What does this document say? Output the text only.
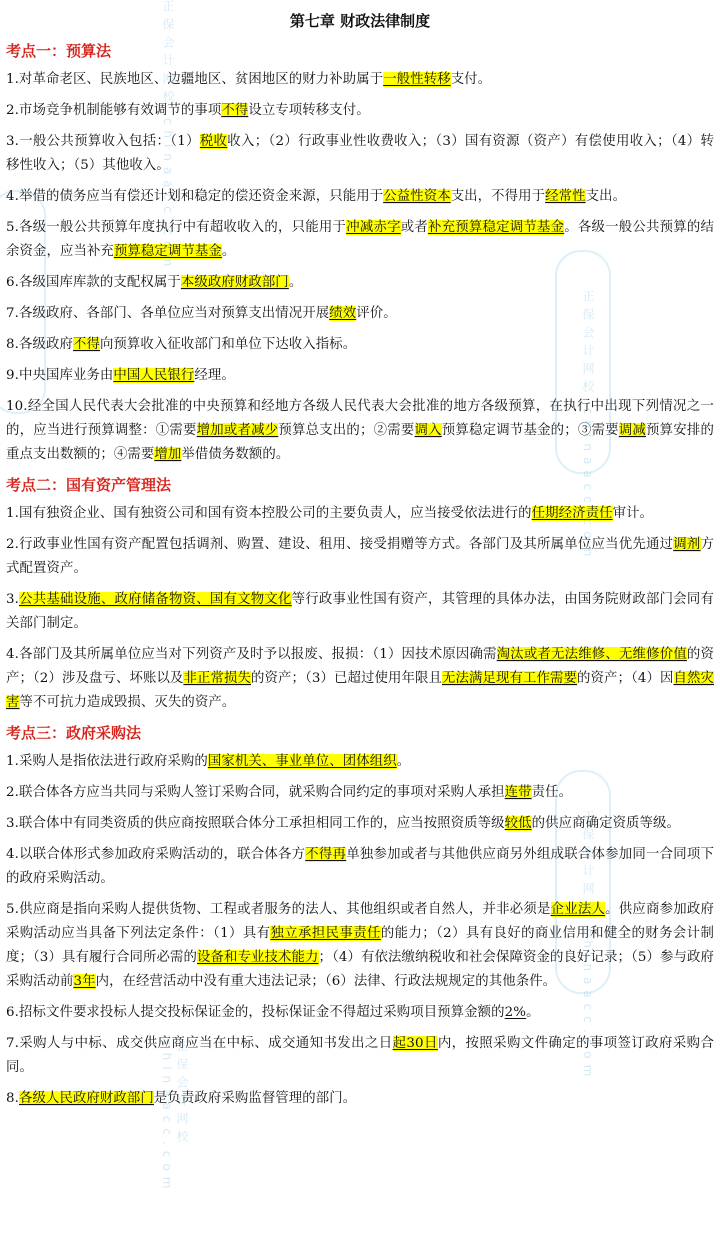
正保会计网校 chinaacc.com
正保会计网校 chinaacc.com
正保会计网校 chinaacc.com
正保会计网校 chinaacc.com
第七章 财政法律制度
考点一：预算法
1.对革命老区、民族地区、边疆地区、贫困地区的财力补助属于一般性转移支付。
2.市场竞争机制能够有效调节的事项不得设立专项转移支付。
3.一般公共预算收入包括：（1）税收收入；（2）行政事业性收费收入；（3）国有资源（资产）有偿使用收入；（4）转移性收入；（5）其他收入。
4.举借的债务应当有偿还计划和稳定的偿还资金来源，只能用于公益性资本支出，不得用于经常性支出。
5.各级一般公共预算年度执行中有超收收入的，只能用于冲减赤字或者补充预算稳定调节基金。各级一般公共预算的结余资金，应当补充预算稳定调节基金。
6.各级国库库款的支配权属于本级政府财政部门。
7.各级政府、各部门、各单位应当对预算支出情况开展绩效评价。
8.各级政府不得向预算收入征收部门和单位下达收入指标。
9.中央国库业务由中国人民银行经理。
10.经全国人民代表大会批准的中央预算和经地方各级人民代表大会批准的地方各级预算，在执行中出现下列情况之一的，应当进行预算调整：①需要增加或者减少预算总支出的；②需要调入预算稳定调节基金的；③需要调减预算安排的重点支出数额的；④需要增加举借债务数额的。
考点二：国有资产管理法
1.国有独资企业、国有独资公司和国有资本控股公司的主要负责人，应当接受依法进行的任期经济责任审计。
2.行政事业性国有资产配置包括调剂、购置、建设、租用、接受捐赠等方式。各部门及其所属单位应当优先通过调剂方式配置资产。
3.公共基础设施、政府储备物资、国有文物文化等行政事业性国有资产，其管理的具体办法，由国务院财政部门会同有关部门制定。
4.各部门及其所属单位应当对下列资产及时予以报废、报损：（1）因技术原因确需淘汰或者无法维修、无维修价值的资产；（2）涉及盘亏、坏账以及非正常损失的资产；（3）已超过使用年限且无法满足现有工作需要的资产；（4）因自然灾害等不可抗力造成毁损、灭失的资产。
考点三：政府采购法
1.采购人是指依法进行政府采购的国家机关、事业单位、团体组织。
2.联合体各方应当共同与采购人签订采购合同，就采购合同约定的事项对采购人承担连带责任。
3.联合体中有同类资质的供应商按照联合体分工承担相同工作的，应当按照资质等级较低的供应商确定资质等级。
4.以联合体形式参加政府采购活动的，联合体各方不得再单独参加或者与其他供应商另外组成联合体参加同一合同项下的政府采购活动。
5.供应商是指向采购人提供货物、工程或者服务的法人、其他组织或者自然人，并非必须是企业法人。供应商参加政府采购活动应当具备下列法定条件：（1）具有独立承担民事责任的能力；（2）具有良好的商业信用和健全的财务会计制度；（3）具有履行合同所必需的设备和专业技术能力；（4）有依法缴纳税收和社会保障资金的良好记录；（5）参与政府采购活动前3年内，在经营活动中没有重大违法记录；（6）法律、行政法规规定的其他条件。
6.招标文件要求投标人提交投标保证金的，投标保证金不得超过采购项目预算金额的2%。
7.采购人与中标、成交供应商应当在中标、成交通知书发出之日起30日内，按照采购文件确定的事项签订政府采购合同。
8.各级人民政府财政部门是负责政府采购监督管理的部门。
